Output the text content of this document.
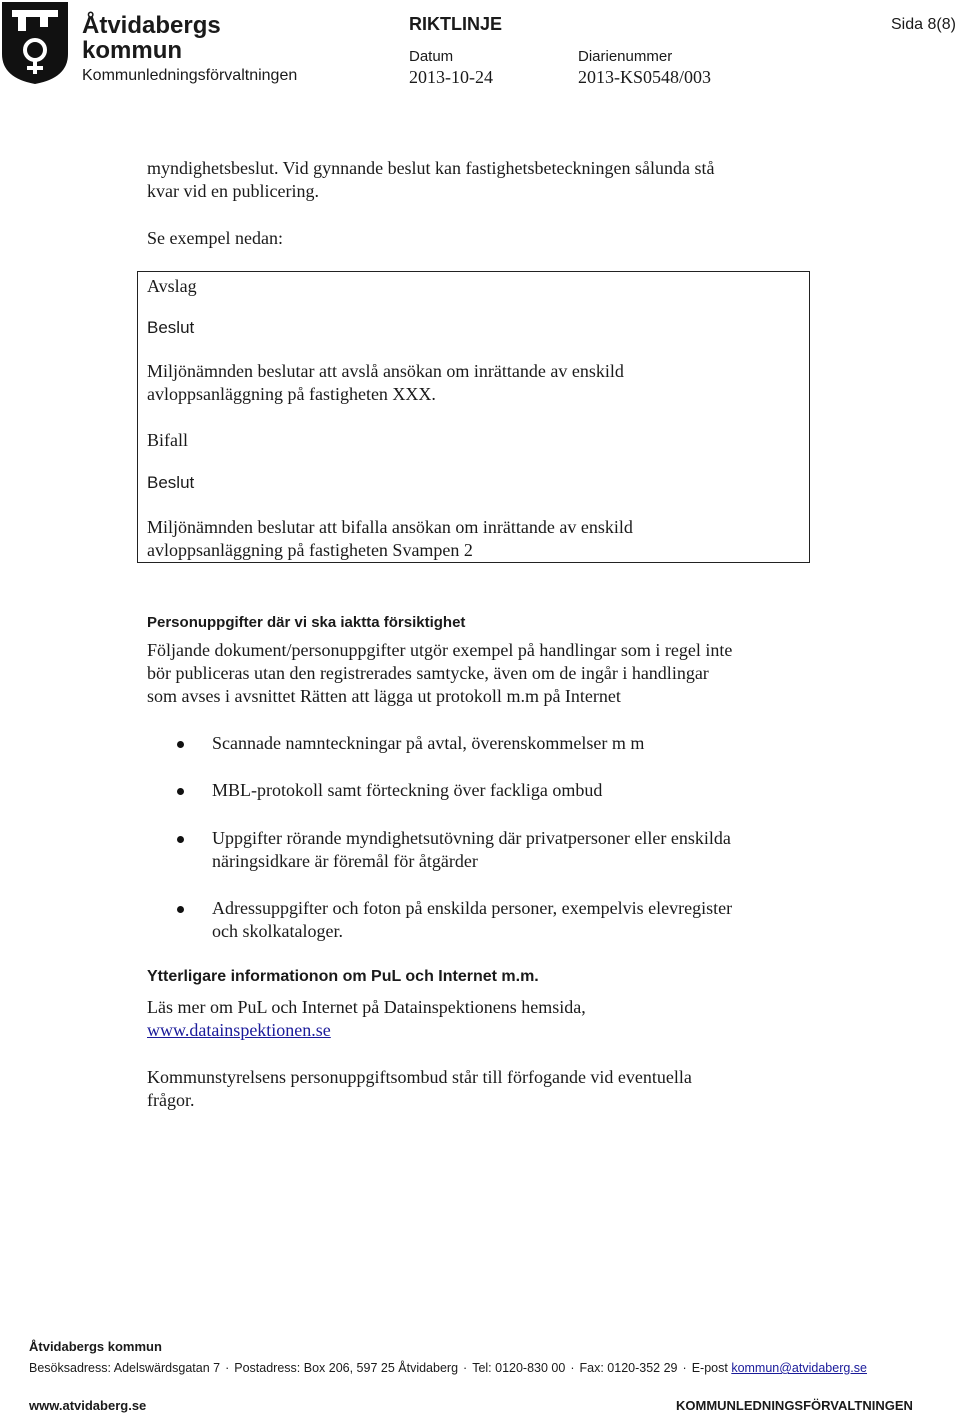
Åtvidabergs
kommun
Kommunledningsförvaltningen
RIKTLINJE	Sida 8(8)
Datum
2013-10-24
Diarienummer
2013-KS0548/003
myndighetsbeslut. Vid gynnande beslut kan fastighetsbeteckningen sålunda stå
kvar vid en publicering.
Se exempel nedan:
Avslag
Beslut
Miljönämnden beslutar att avslå ansökan om inrättande av enskild
avloppsanläggning på fastigheten XXX.
Bifall
Beslut
Miljönämnden beslutar att bifalla ansökan om inrättande av enskild
avloppsanläggning på fastigheten Svampen 2
Personuppgifter där vi ska iaktta försiktighet
Följande dokument/personuppgifter utgör exempel på handlingar som i regel inte
bör publiceras utan den registrerades samtycke, även om de ingår i handlingar
som avses i avsnittet Rätten att lägga ut protokoll m.m på Internet
Scannade namnteckningar på avtal, överenskommelser m m
MBL-protokoll samt förteckning över fackliga ombud
Uppgifter rörande myndighetsutövning där privatpersoner eller enskilda
näringsidkare är föremål för åtgärder
Adressuppgifter och foton på enskilda personer, exempelvis elevregister
och skolkataloger.
Ytterligare informationon om PuL och Internet m.m.
Läs mer om PuL och Internet på Datainspektionens hemsida,
www.datainspektionen.se
Kommunstyrelsens personuppgiftsombud står till förfogande vid eventuella
frågor.
Åtvidabergs kommun
Besöksadress: Adelswärdsgatan 7 · Postadress: Box 206, 597 25 Åtvidaberg · Tel: 0120-830 00 · Fax: 0120-352 29 · E-post kommun@atvidaberg.se
www.atvidaberg.se	KOMMUNLEDNINGSFÖRVALTNINGEN
